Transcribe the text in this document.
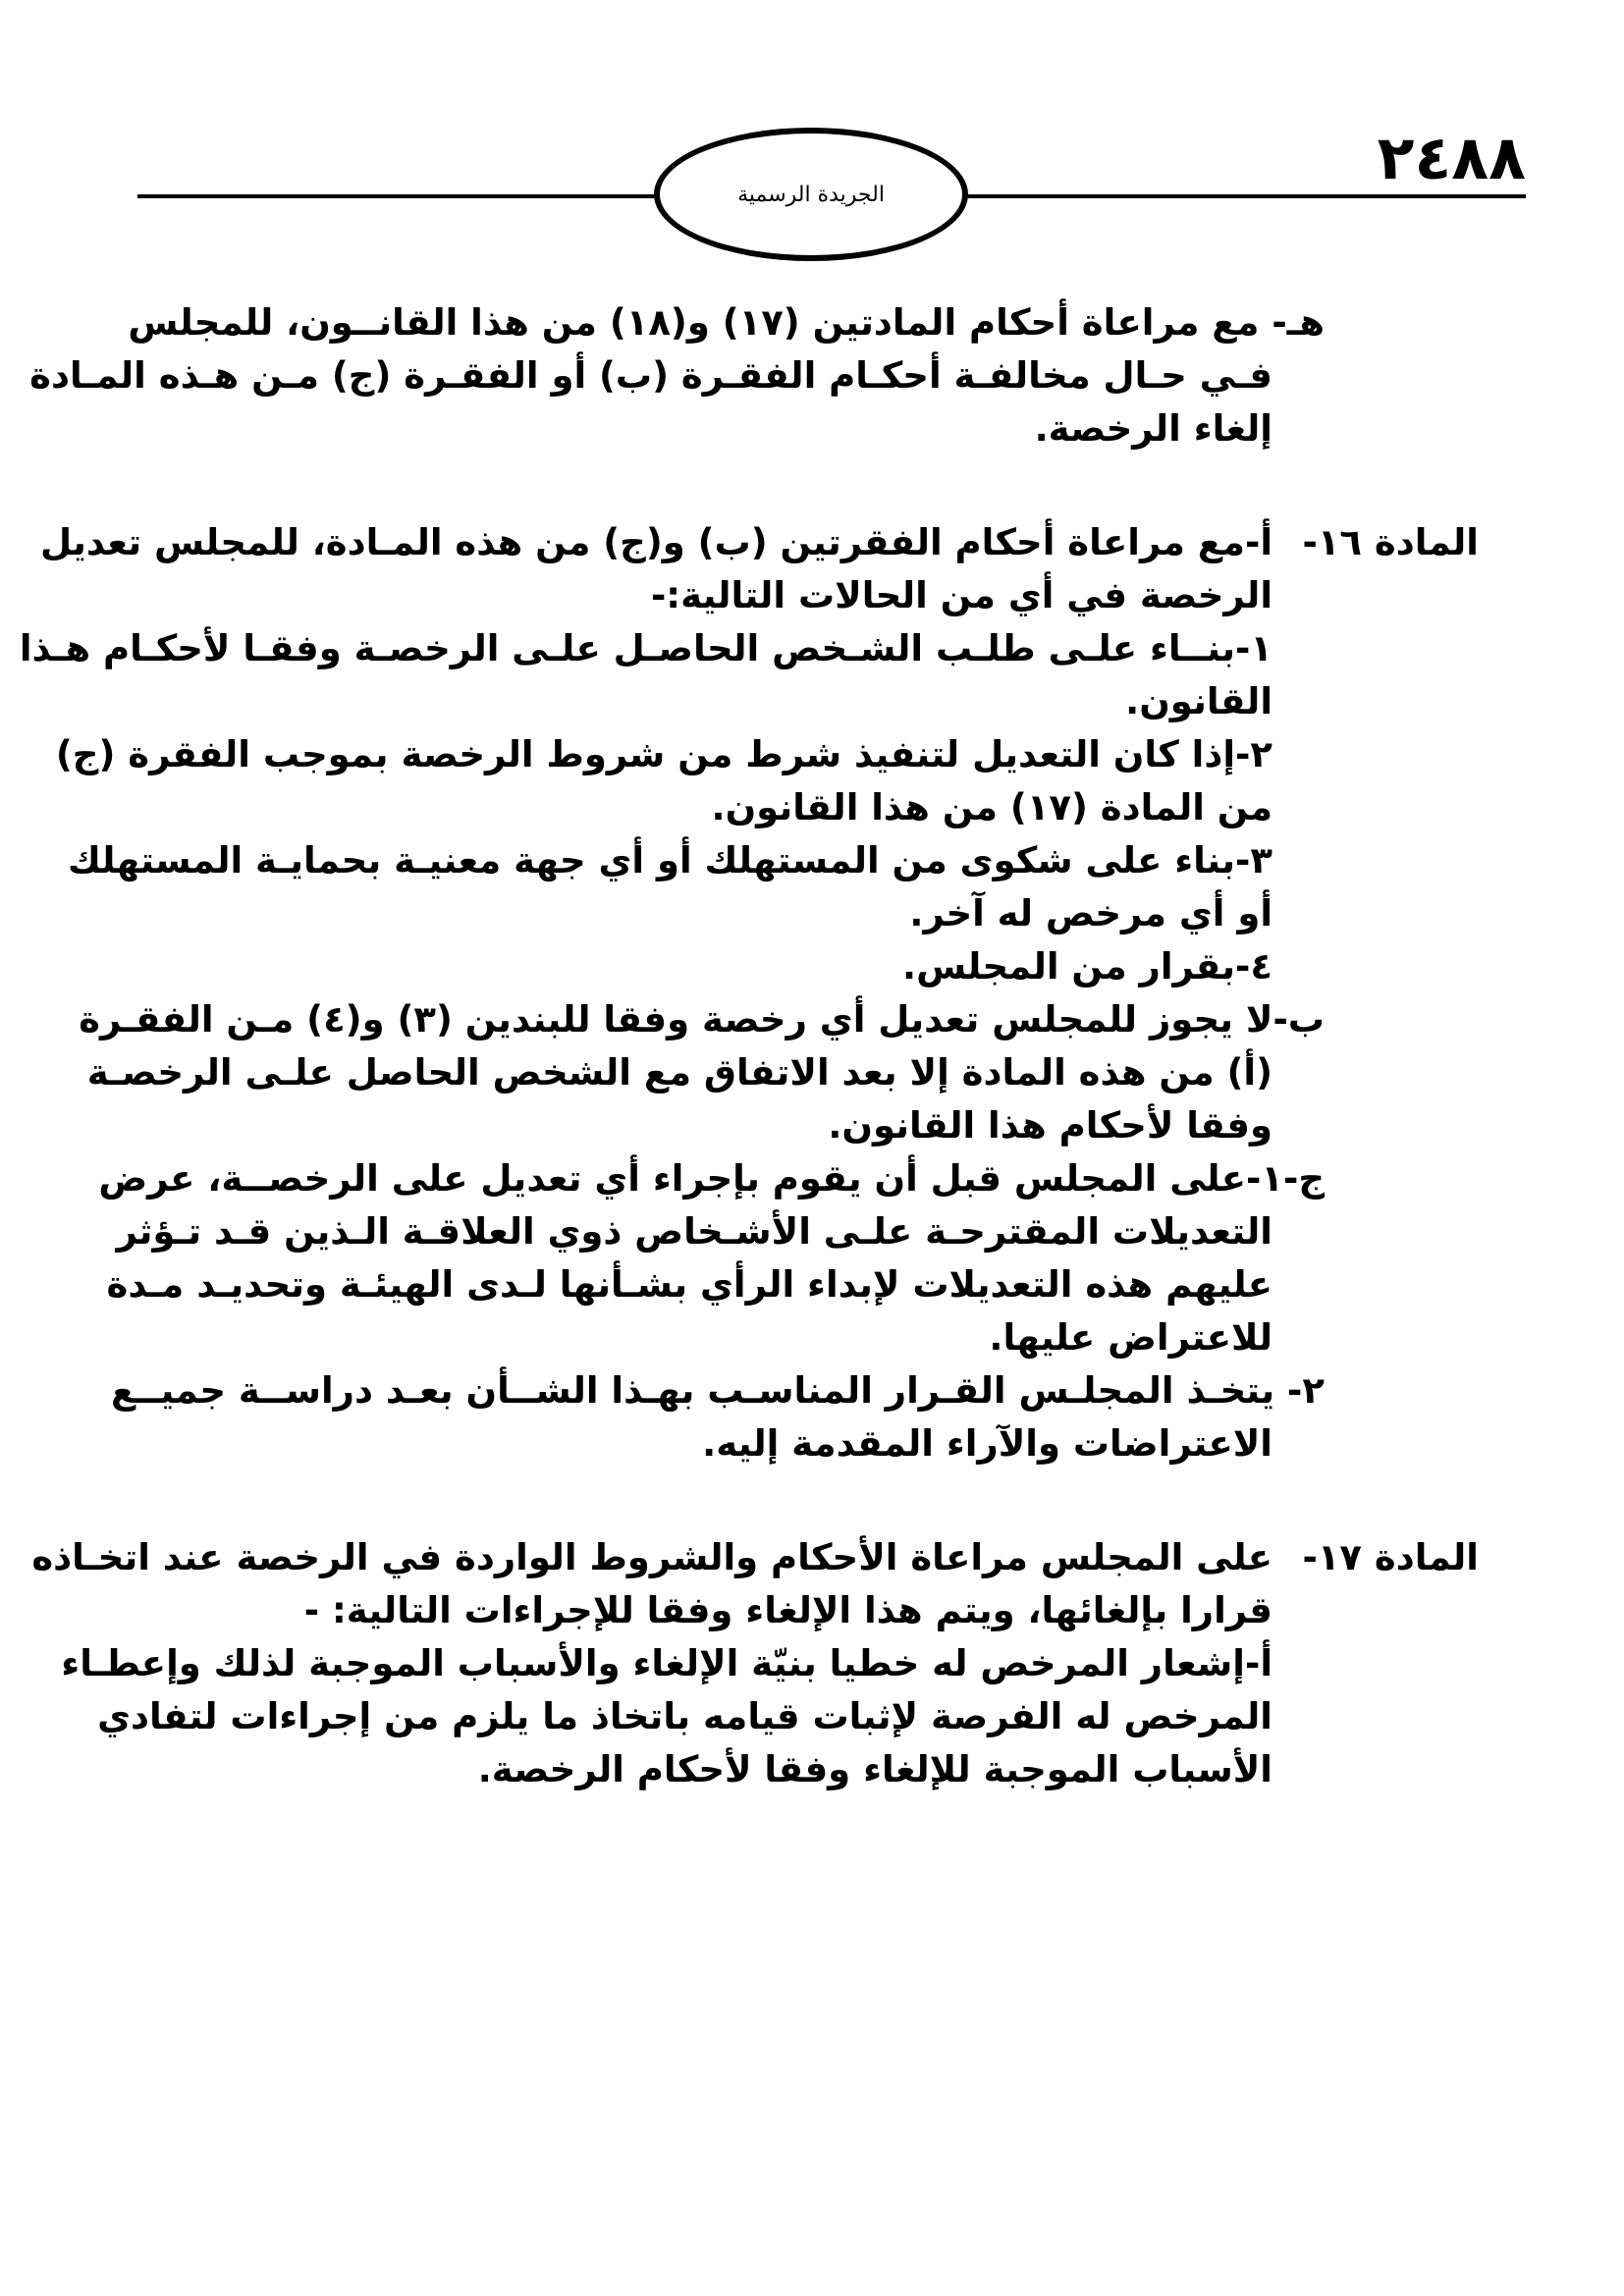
٢٤٨٨
الجريدة الرسمية
هـ- مع مراعاة أحكام المادتين (١٧) و(١٨) من هذا القانــون، للمجلس
فـي حـال مخالفـة أحكـام الفقـرة (ب) أو الفقـرة (ج) مـن هـذه المـادة
إلغاء الرخصة.
المادة ١٦-
أ-مع مراعاة أحكام الفقرتين (ب) و(ج) من هذه المـادة، للمجلس تعديل
الرخصة في أي من الحالات التالية:-
١-بنــاء علـى طلـب الشـخص الحاصـل علـى الرخصـة وفقـا لأحكـام هـذا
القانون.
٢-إذا كان التعديل لتنفيذ شرط من شروط الرخصة بموجب الفقرة (ج)
من المادة (١٧) من هذا القانون.
٣-بناء على شكوى من المستهلك أو أي جهة معنيـة بحمايـة المستهلك
أو أي مرخص له آخر.
٤-بقرار من المجلس.
ب-لا يجوز للمجلس تعديل أي رخصة وفقا للبندين (٣) و(٤) مـن الفقـرة
(أ) من هذه المادة إلا بعد الاتفاق مع الشخص الحاصل علـى الرخصـة
وفقا لأحكام هذا القانون.
ج-١-على المجلس قبل أن يقوم بإجراء أي تعديل على الرخصــة، عرض
التعديلات المقترحـة علـى الأشـخاص ذوي العلاقـة الـذين قـد تـؤثر
عليهم هذه التعديلات لإبداء الرأي بشـأنها لـدى الهيئـة وتحديـد مـدة
للاعتراض عليها.
٢- يتخـذ المجلـس القـرار المناسـب بهـذا الشــأن بعـد دراســة جميــع
الاعتراضات والآراء المقدمة إليه.
المادة ١٧-
على المجلس مراعاة الأحكام والشروط الواردة في الرخصة عند اتخـاذه
قرارا بإلغائها، ويتم هذا الإلغاء وفقا للإجراءات التالية: -
أ-إشعار المرخص له خطيا بنيّة الإلغاء والأسباب الموجبة لذلك وإعطـاء
المرخص له الفرصة لإثبات قيامه باتخاذ ما يلزم من إجراءات لتفادي
الأسباب الموجبة للإلغاء وفقا لأحكام الرخصة.
